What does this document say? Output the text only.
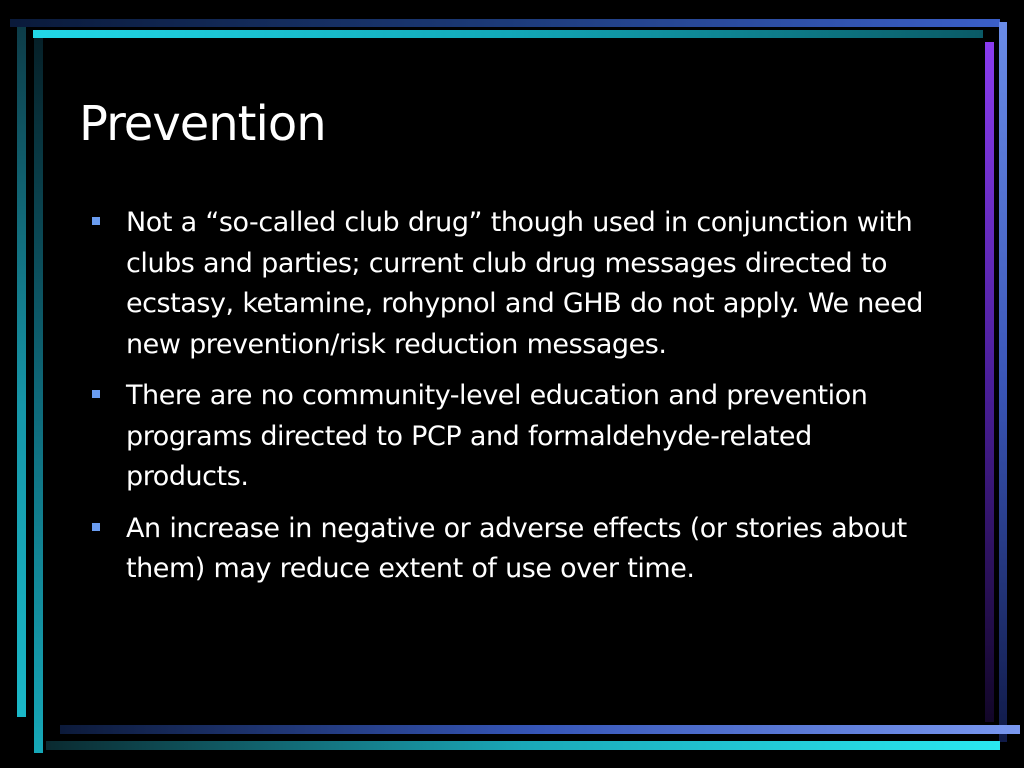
Prevention
Not a “so-called club drug” though used in conjunction with clubs and parties; current club drug messages directed to ecstasy, ketamine, rohypnol and GHB do not apply. We need new prevention/risk reduction messages.
There are no community-level education and prevention programs directed to PCP and formaldehyde-related products.
An increase in negative or adverse effects (or stories about them) may reduce extent of use over time.
